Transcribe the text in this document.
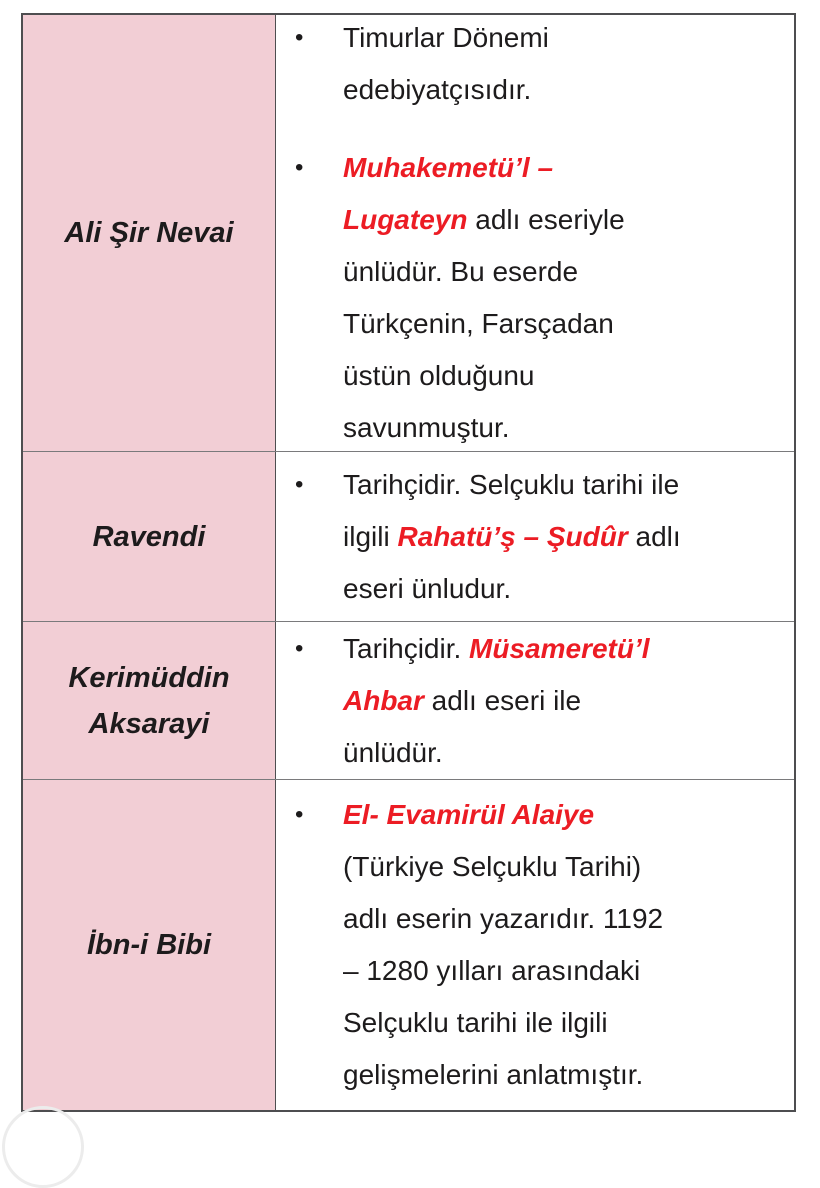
Ali Şir Nevai
•	Timurlar Dönemi
edebiyatçısıdır.
•	Muhakemetü’l –
Lugateyn adlı eseriyle
ünlüdür. Bu eserde
Türkçenin, Farsçadan
üstün olduğunu
savunmuştur.
Ravendi
•	Tarihçidir. Selçuklu tarihi ile
ilgili Rahatü’ş – Şudûr adlı
eseri ünludur.
Kerimüddin Aksarayi
•	Tarihçidir. Müsameretü’l
Ahbar adlı eseri ile
ünlüdür.
İbn-i Bibi
•	El- Evamirül Alaiye
(Türkiye Selçuklu Tarihi)
adlı eserin yazarıdır. 1192
– 1280 yılları arasındaki
Selçuklu tarihi ile ilgili
gelişmelerini anlatmıştır.
